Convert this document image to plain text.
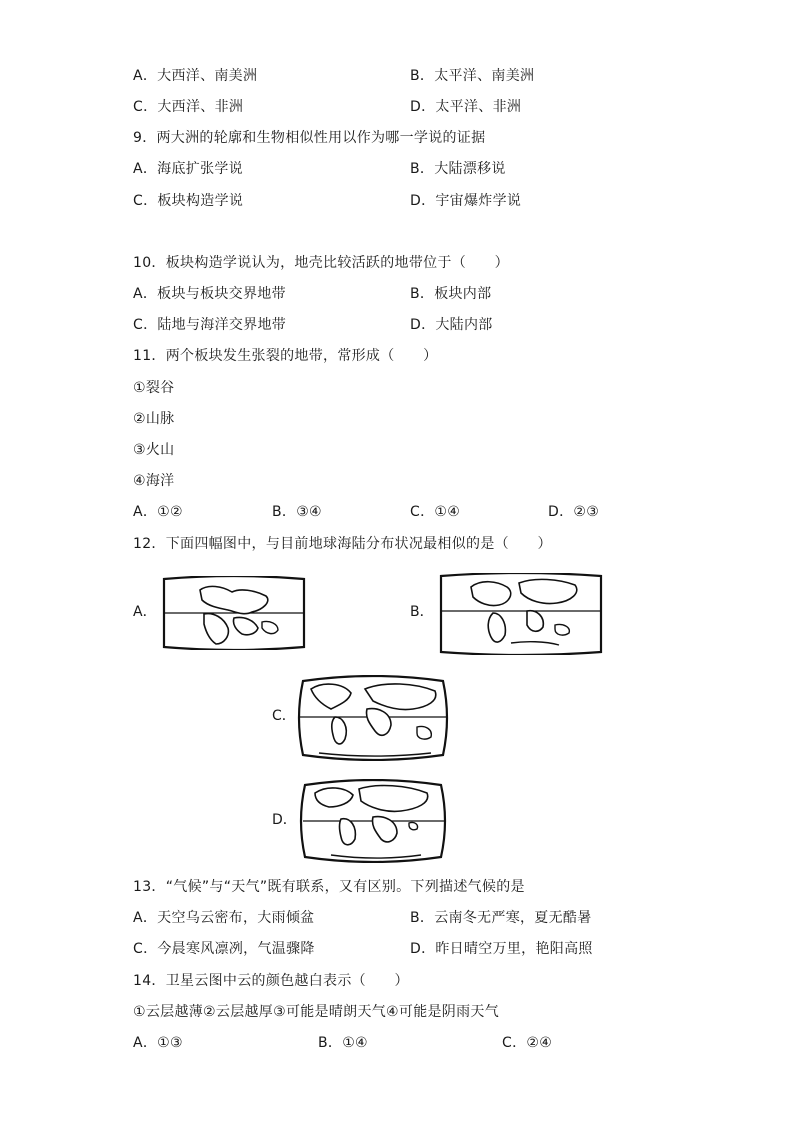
A．大西洋、南美洲	B．太平洋、南美洲
C．大西洋、非洲	D．太平洋、非洲
9．两大洲的轮廓和生物相似性用以作为哪一学说的证据
A．海底扩张学说	B．大陆漂移说
C．板块构造学说	D．宇宙爆炸学说
10．板块构造学说认为，地壳比较活跃的地带位于（　　）
A．板块与板块交界地带	B．板块内部
C．陆地与海洋交界地带	D．大陆内部
11．两个板块发生张裂的地带，常形成（　　）
①裂谷
②山脉
③火山
④海洋
A．①②	B．③④	C．①④	D．②③
12．下面四幅图中，与目前地球海陆分布状况最相似的是（　　）
A．	B．
C．
D．
13．“气候”与“天气”既有联系，又有区别。下列描述气候的是
A．天空乌云密布，大雨倾盆	B．云南冬无严寒，夏无酷暑
C．今晨寒风凛冽，气温骤降	D．昨日晴空万里，艳阳高照
14．卫星云图中云的颜色越白表示（　　）
①云层越薄②云层越厚③可能是晴朗天气④可能是阴雨天气
A．①③	B．①④	C．②④
